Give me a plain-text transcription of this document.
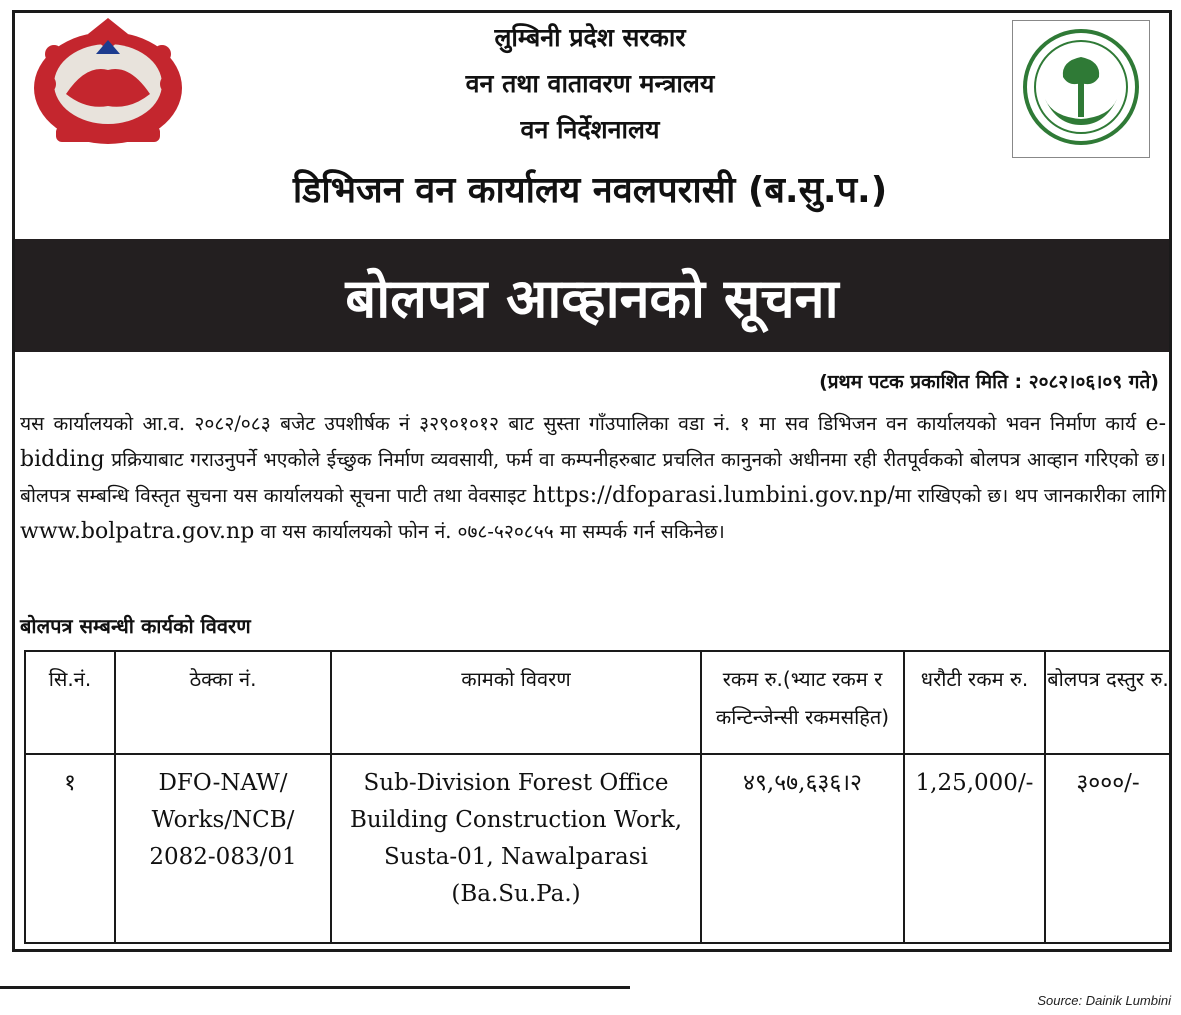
लुम्बिनी प्रदेश सरकार
वन तथा वातावरण मन्त्रालय
वन निर्देशनालय
डिभिजन वन कार्यालय नवलपरासी (ब.सु.प.)
बोलपत्र आव्हानको सूचना
(प्रथम पटक प्रकाशित मिति : २०८२।०६।०९ गते)
यस कार्यालयको आ.व. २०८२/०८३ बजेट उपशीर्षक नं ३२९०१०१२ बाट सुस्ता गाँउपालिका वडा नं. १ मा सव डिभिजन वन कार्यालयको भवन निर्माण कार्य e- bidding प्रक्रियाबाट गराउनुपर्ने भएकोले ईच्छुक निर्माण व्यवसायी, फर्म वा कम्पनीहरुबाट प्रचलित कानुनको अधीनमा रही रीतपूर्वकको बोलपत्र आव्हान गरिएको छ। बोलपत्र सम्बन्धि विस्तृत सुचना यस कार्यालयको सूचना पाटी तथा वेवसाइट https://dfoparasi.lumbini.gov.np/मा राखिएको छ। थप जानकारीका लागि www.bolpatra.gov.np वा यस कार्यालयको फोन नं. ०७८-५२०८५५ मा सम्पर्क गर्न सकिनेछ।
बोलपत्र सम्बन्धी कार्यको विवरण
सि.नं.	ठेक्का नं.	कामको विवरण	रकम रु.(भ्याट रकम र कन्टिन्जेन्सी रकमसहित)	धरौटी रकम रु.	बोलपत्र दस्तुर रु.
१	DFO-NAW/ Works/NCB/ 2082-083/01	Sub-Division Forest Office Building Construction Work, Susta-01, Nawalparasi (Ba.Su.Pa.)	४९,५७,६३६।२	1,25,000/-	३०००/-
Source: Dainik Lumbini
